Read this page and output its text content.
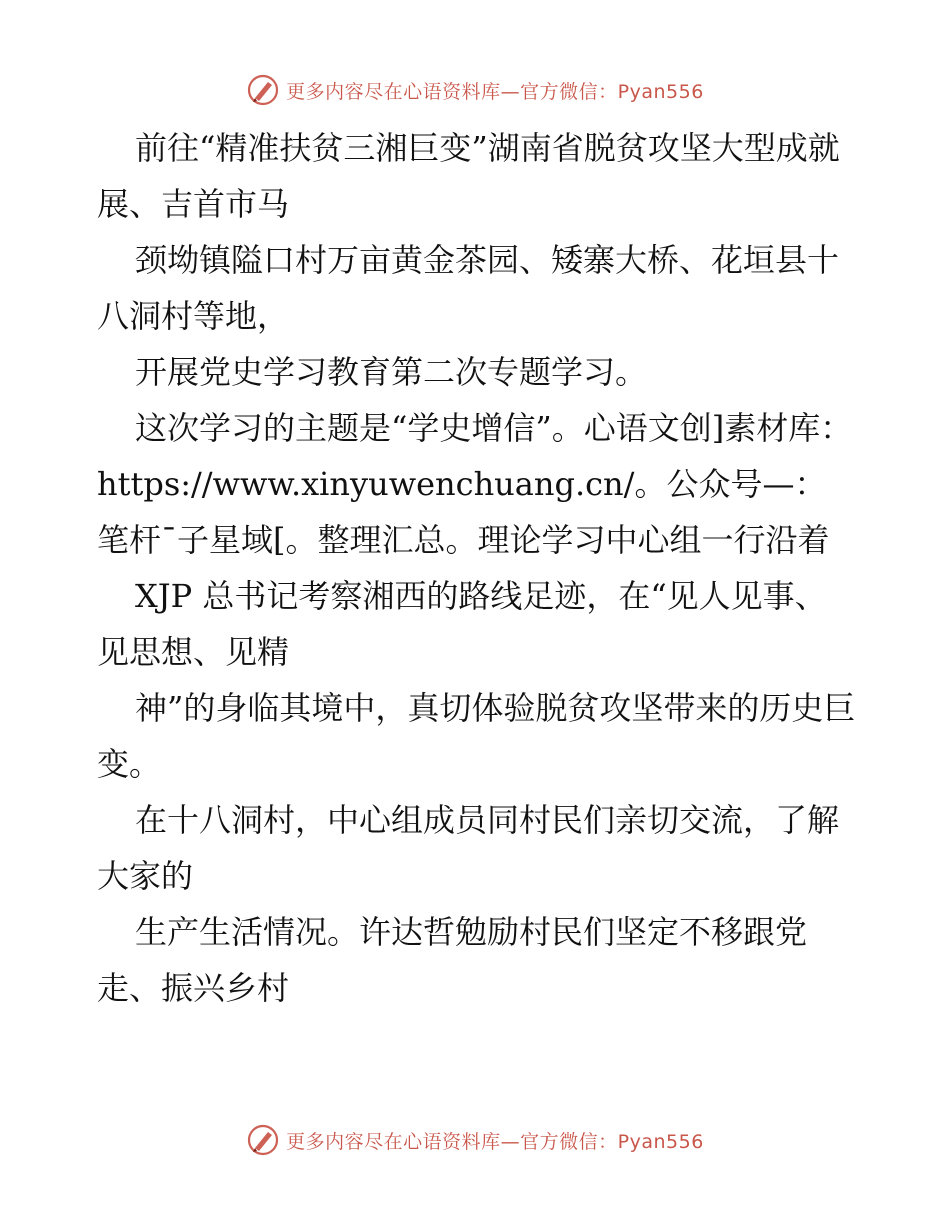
更多内容尽在心语资料库—官方微信：Pyan556

前往“精准扶贫三湘巨变”湖南省脱贫攻坚大型成就展、吉首市马

颈坳镇隘口村万亩黄金茶园、矮寨大桥、花垣县十八洞村等地，

开展党史学习教育第二次专题学习。

这次学习的主题是“学史增信”。心语文创]素材库：https://www.xinyuwenchuang.cn/。公众号—：笔杆¯子星域[。整理汇总。理论学习中心组一行沿着

XJP 总书记考察湘西的路线足迹，在“见人见事、见思想、见精

神”的身临其境中，真切体验脱贫攻坚带来的历史巨变。

在十八洞村，中心组成员同村民们亲切交流，了解大家的

生产生活情况。许达哲勉励村民们坚定不移跟党走、振兴乡村

更多内容尽在心语资料库—官方微信：Pyan556
